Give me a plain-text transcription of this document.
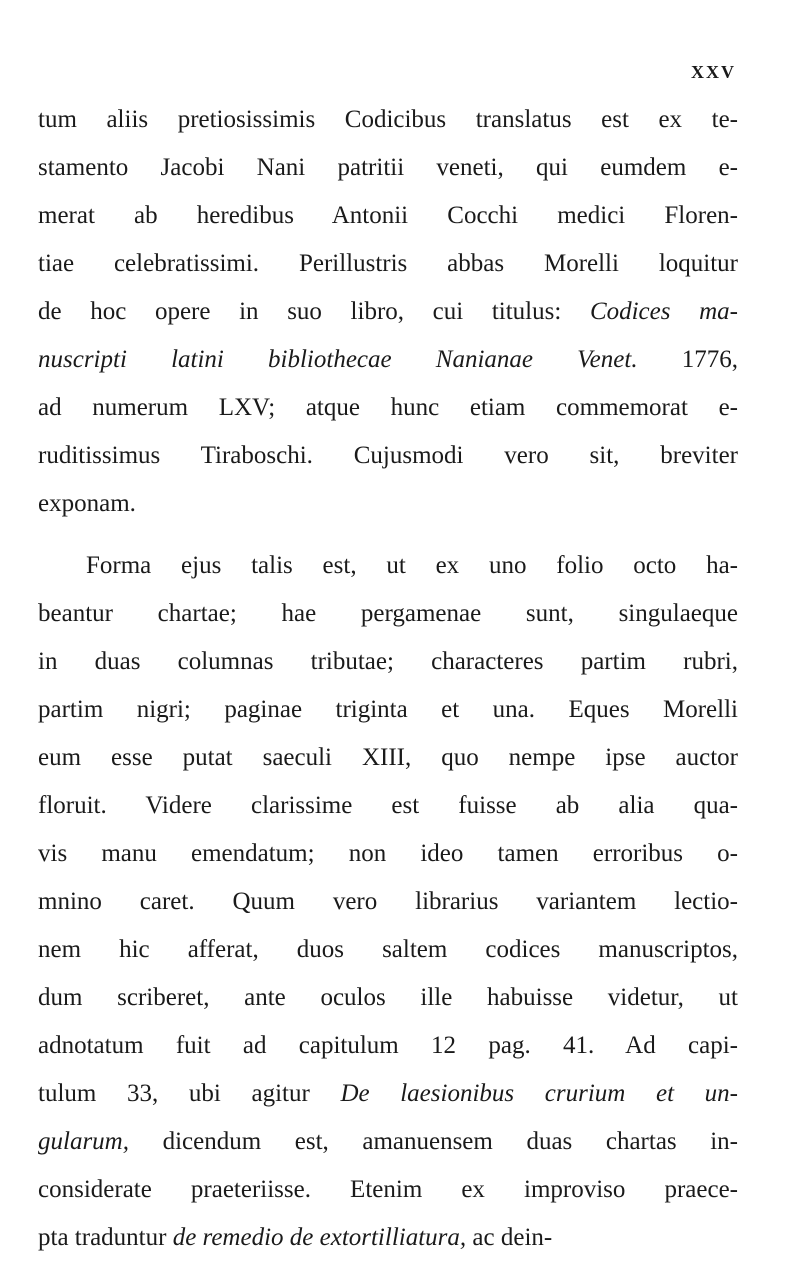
XXV
tum aliis pretiosissimis Codicibus translatus est ex te-
stamento Jacobi Nani patritii veneti, qui eumdem e-
merat ab heredibus Antonii Cocchi medici Floren-
tiae celebratissimi. Perillustris abbas Morelli loquitur
de hoc opere in suo libro, cui titulus: Codices ma-
nuscripti latini bibliothecae Nanianae Venet. 1776,
ad numerum LXV; atque hunc etiam commemorat e-
ruditissimus Tiraboschi. Cujusmodi vero sit, breviter
exponam.
Forma ejus talis est, ut ex uno folio octo ha-
beantur chartae; hae pergamenae sunt, singulaeque
in duas columnas tributae; characteres partim rubri,
partim nigri; paginae triginta et una. Eques Morelli
eum esse putat saeculi XIII, quo nempe ipse auctor
floruit. Videre clarissime est fuisse ab alia qua-
vis manu emendatum; non ideo tamen erroribus o-
mnino caret. Quum vero librarius variantem lectio-
nem hic afferat, duos saltem codices manuscriptos,
dum scriberet, ante oculos ille habuisse videtur, ut
adnotatum fuit ad capitulum 12 pag. 41. Ad capi-
tulum 33, ubi agitur De laesionibus crurium et un-
gularum, dicendum est, amanuensem duas chartas in-
considerate praeteriisse. Etenim ex improviso praece-
pta traduntur de remedio de extortilliatura, ac dein-
